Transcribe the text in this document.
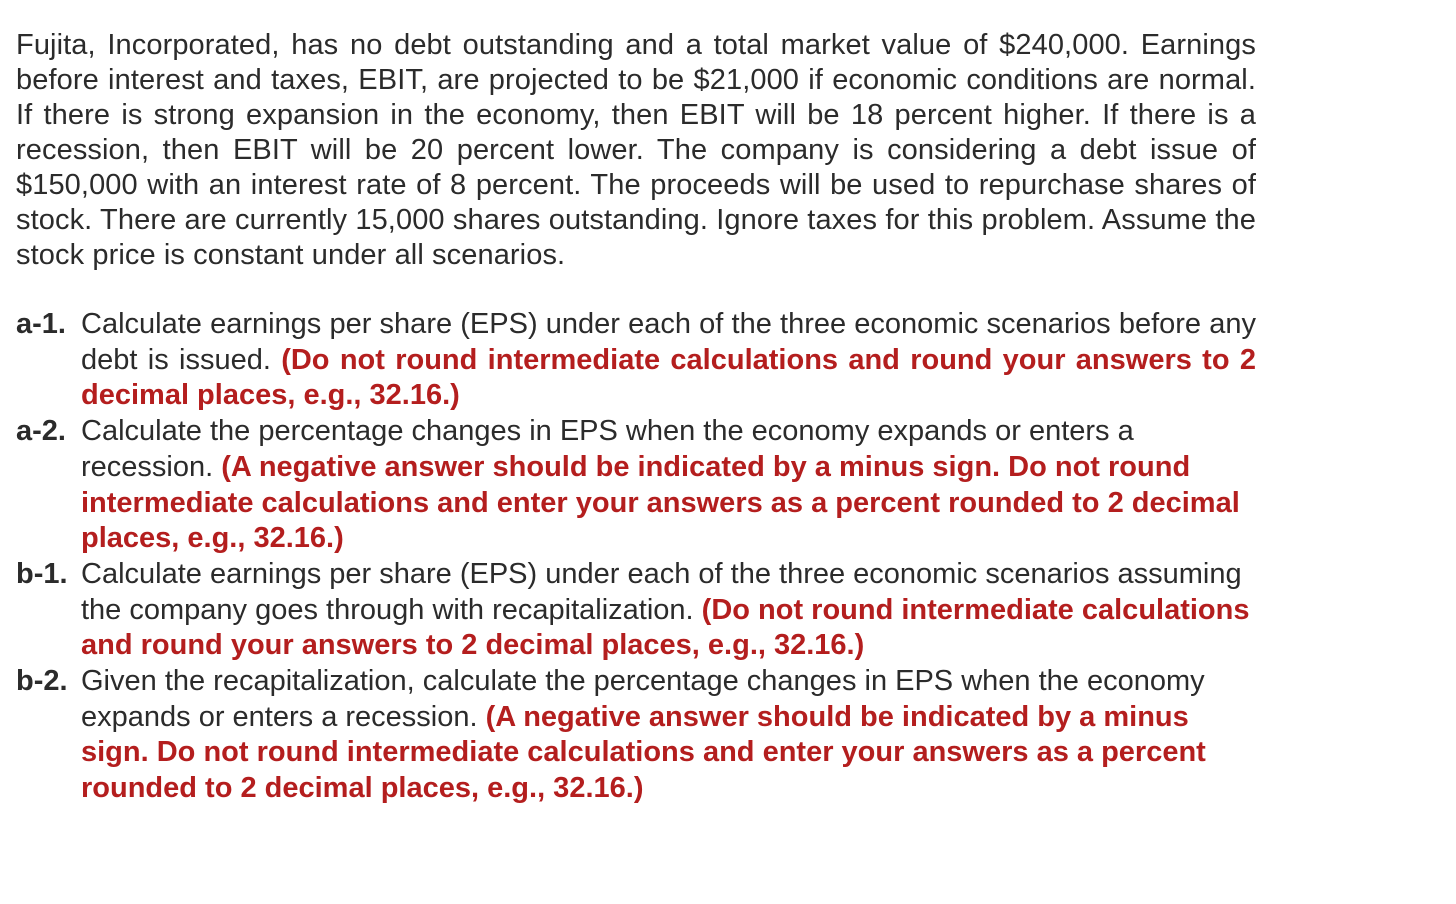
Fujita, Incorporated, has no debt outstanding and a total market value of $240,000. Earnings before interest and taxes, EBIT, are projected to be $21,000 if economic conditions are normal. If there is strong expansion in the economy, then EBIT will be 18 percent higher. If there is a recession, then EBIT will be 20 percent lower. The company is considering a debt issue of $150,000 with an interest rate of 8 percent. The proceeds will be used to repurchase shares of stock. There are currently 15,000 shares outstanding. Ignore taxes for this problem. Assume the stock price is constant under all scenarios.

a-1. Calculate earnings per share (EPS) under each of the three economic scenarios before any debt is issued. (Do not round intermediate calculations and round your answers to 2 decimal places, e.g., 32.16.)
a-2. Calculate the percentage changes in EPS when the economy expands or enters a recession. (A negative answer should be indicated by a minus sign. Do not round intermediate calculations and enter your answers as a percent rounded to 2 decimal places, e.g., 32.16.)
b-1. Calculate earnings per share (EPS) under each of the three economic scenarios assuming the company goes through with recapitalization. (Do not round intermediate calculations and round your answers to 2 decimal places, e.g., 32.16.)
b-2. Given the recapitalization, calculate the percentage changes in EPS when the economy expands or enters a recession. (A negative answer should be indicated by a minus sign. Do not round intermediate calculations and enter your answers as a percent rounded to 2 decimal places, e.g., 32.16.)
